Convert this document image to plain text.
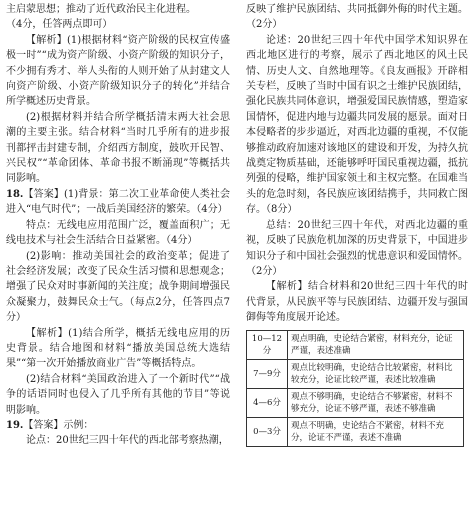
主启蒙思想；推动了近代政治民主化进程。

（4分，任答两点即可）

【解析】(1)根据材料“资产阶级的民权宣传盛极一时”“成为资产阶级、小资产阶级的知识分子，不少拥有秀才、举人头衔的人则开始了从封建文人向资产阶级、小资产阶级知识分子的转化”并结合所学概述历史背景。

(2)根据材料并结合所学概括清末两大社会思潮的主要主张。结合材料“当时几乎所有的进步报刊都抨击封建专制，介绍西方制度，鼓吹开民智、兴民权”“革命团体、革命书报不断涌现”等概括共同影响。

18.【答案】(1)背景：第二次工业革命使人类社会进入“电气时代”；一战后美国经济的繁荣。（4分）

特点：无线电应用范围广泛，覆盖面积广；无线电技术与社会生活结合日益紧密。（4分）

(2)影响：推动美国社会的政治变革；促进了社会经济发展；改变了民众生活习惯和思想观念；增强了民众对时事新闻的关注度；战争期间增强民众凝聚力，鼓舞民众士气。（每点2分，任答四点7分）

【解析】(1)结合所学，概括无线电应用的历史背景。结合地图和材料“播放美国总统大选结果”“第一次开始播放商业广告”等概括特点。

(2)结合材料“美国政治进入了一个新时代”“战争的话语同时也侵入了几乎所有其他的节目”等说明影响。

19.【答案】示例：

论点：20世纪三四十年代的西北部考察热潮，

反映了维护民族团结、共同抵御外侮的时代主题。（2分）

论述：20世纪三四十年代中国学术知识界在西北地区进行的考察，展示了西北地区的风土民情、历史人文、自然地理等。《良友画报》开辟相关专栏，反映了当时中国有识之士维护民族团结，强化民族共同体意识，增强爱国民族情感，塑造家国情怀，促进内地与边疆共同发展的愿景。面对日本侵略者的步步逼近，对西北边疆的重视，不仅能够推动政府加速对该地区的建设和开发，为持久抗战奠定物质基础，还能够呼吁国民重视边疆，抵抗列强的侵略，维护国家领土和主权完整。在国难当头的危急时刻，各民族应该团结携手，共同救亡图存。（8分）

总结：20世纪三四十年代，对西北边疆的重视，反映了民族危机加深的历史背景下，中国进步知识分子和中国社会强烈的忧患意识和爱国情怀。（2分）

【解析】结合材料和20世纪三四十年代的时代背景，从民族平等与民族团结、边疆开发与强国御侮等角度展开论述。

10—12分	观点明确，史论结合紧密，材料充分，论证严谨，表述准确
7—9分	观点比较明确，史论结合比较紧密，材料比较充分，论证比较严谨，表述比较准确
4—6分	观点不够明确，史论结合不够紧密，材料不够充分，论证不够严谨，表述不够准确
0—3分	观点不明确，史论结合不紧密，材料不充分，论证不严谨，表述不准确
